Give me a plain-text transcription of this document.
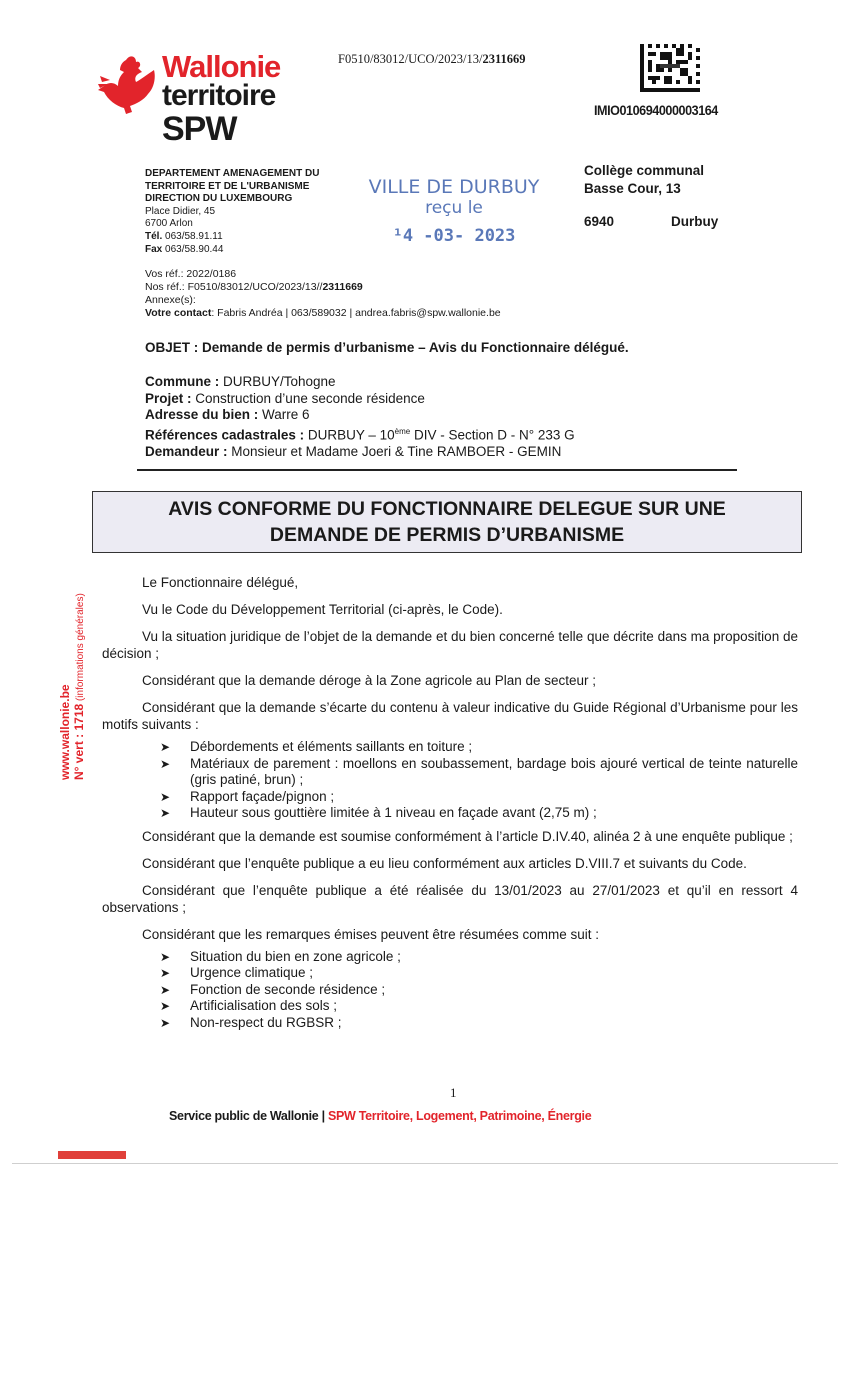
Wallonie
territoire
SPW
F0510/83012/UCO/2023/13/2311669
IMIO010694000003164
DEPARTEMENT AMENAGEMENT DU
TERRITOIRE ET DE L'URBANISME
DIRECTION DU LUXEMBOURG
Place Didier, 45
6700 Arlon
Tél. 063/58.91.11
Fax 063/58.90.44
VILLE DE DURBUY
reçu le
¹4 -03- 2023
Collège communal
Basse Cour, 13
6940	Durbuy
Vos réf.: 2022/0186
Nos réf.: F0510/83012/UCO/2023/13//2311669
Annexe(s):
Votre contact: Fabris Andréa | 063/589032 | andrea.fabris@spw.wallonie.be
OBJET : Demande de permis d’urbanisme – Avis du Fonctionnaire délégué.
Commune : DURBUY/Tohogne
Projet : Construction d’une seconde résidence
Adresse du bien : Warre 6
Références cadastrales : DURBUY – 10ème DIV - Section D - N° 233 G
Demandeur : Monsieur et Madame Joeri & Tine RAMBOER - GEMIN
AVIS CONFORME DU FONCTIONNAIRE DELEGUE SUR UNE
DEMANDE DE PERMIS D’URBANISME

Le Fonctionnaire délégué,

Vu le Code du Développement Territorial (ci-après, le Code).

Vu la situation juridique de l’objet de la demande et du bien concerné telle que décrite dans ma proposition de décision ;

Considérant que la demande déroge à la Zone agricole au Plan de secteur ;

Considérant que la demande s’écarte du contenu à valeur indicative du Guide Régional d’Urbanisme pour les motifs suivants :

➤ Débordements et éléments saillants en toiture ;
➤ Matériaux de parement : moellons en soubassement, bardage bois ajouré vertical de teinte naturelle (gris patiné, brun) ;
➤ Rapport façade/pignon ;
➤ Hauteur sous gouttière limitée à 1 niveau en façade avant (2,75 m) ;

Considérant que la demande est soumise conformément à l’article D.IV.40, alinéa 2 à une enquête publique ;

Considérant que l’enquête publique a eu lieu conformément aux articles D.VIII.7 et suivants du Code.

Considérant que l’enquête publique a été réalisée du 13/01/2023 au 27/01/2023 et qu’il en ressort 4 observations ;

Considérant que les remarques émises peuvent être résumées comme suit :

➤ Situation du bien en zone agricole ;
➤ Urgence climatique ;
➤ Fonction de seconde résidence ;
➤ Artificialisation des sols ;
➤ Non-respect du RGBSR ;
1
Service public de Wallonie | SPW Territoire, Logement, Patrimoine, Énergie
www.wallonie.be N° vert : 1718 (informations générales)
